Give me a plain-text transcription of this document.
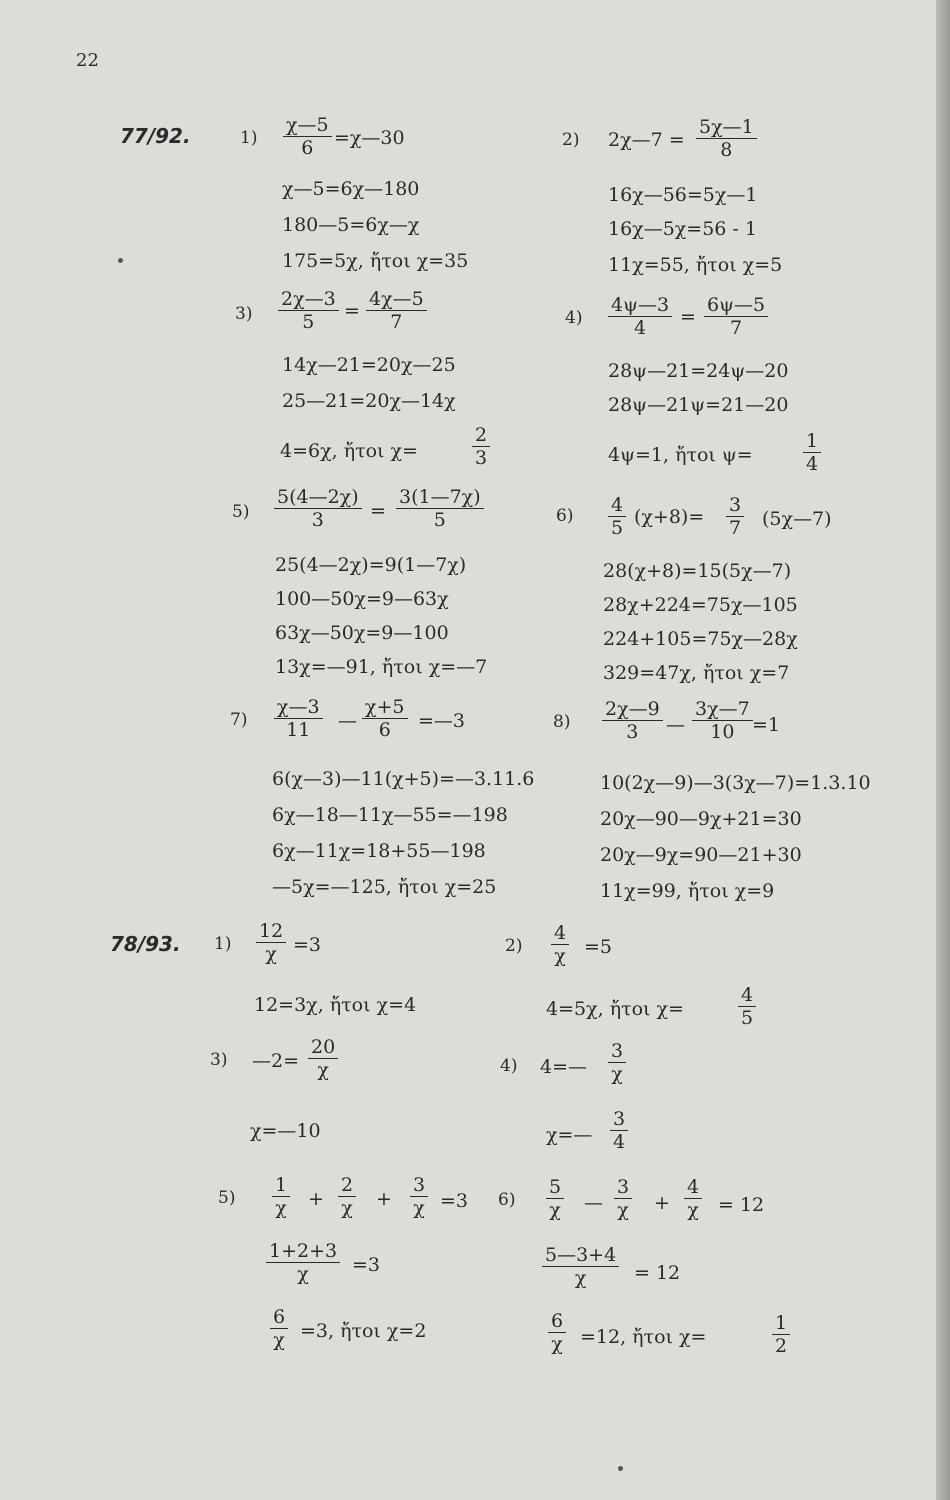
22
77/92.	$1) \frac{\chi—5}{6}$ =χ—30
χ—5=6χ—180
180—5=6χ—χ
175=5χ, ἤτοι χ=35
2) 2χ—7 = $\frac{5\chi—1}{8}$
16χ—56=5χ—1
16χ—5χ=56 - 1
11χ=55, ἤτοι χ=5
$3) \frac{2\chi—3}{5} = \frac{4\chi—5}{7}$
14χ—21=20χ—25
25—21=20χ—14χ
4=6χ, ἤτοι χ=	$\frac{2}{3}$
$4) \frac{4\psi—3}{4} = \frac{6\psi—5}{7}$
28ψ—21=24ψ—20
28ψ—21ψ=21—20
4ψ=1, ἤτοι ψ=	$\frac{1}{4}$
$5) \frac{5(4—2\chi)}{3} = \frac{3(1—7\chi)}{5}$
25(4—2χ)=9(1—7χ)
100—50χ=9—63χ
63χ—50χ=9—100
13χ=—91, ἤτοι χ=—7
$6) \frac{4}{5} (\chi+8)= \frac{3}{7}$ (5χ—7)
28(χ+8)=15(5χ—7)
28χ+224=75χ—105
224+105=75χ—28χ
329=47χ, ἤτοι χ=7
$7) \frac{\chi—3}{11}$ — $\frac{\chi+5}{6}$ =—3
6(χ—3)—11(χ+5)=—3.11.6
6χ—18—11χ—55=—198
6χ—11χ=18+55—198
—5χ=—125, ἤτοι χ=25
$8) \frac{2\chi—9}{3}$ — $\frac{3\chi—7}{10} =1$
10(2χ—9)—3(3χ—7)=1.3.10
20χ—90—9χ+21=30
20χ—9χ=90—21+30
11χ=99, ἤτοι χ=9
78/93. $1) \frac{12}{\chi} =3$
12=3χ, ἤτοι χ=4
$2) \frac{4}{\chi} =5$
4=5χ, ἤτοι χ=	$\frac{4}{5}$
3) —2= $\frac{20}{\chi}$
χ=—10
4) 4=— $\frac{3}{\chi}$
χ=— $\frac{3}{4}$
$5) \frac{1}{\chi} + \frac{2}{\chi} + \frac{3}{\chi} =3$
$\frac{1+2+3}{\chi} =3$
$\frac{6}{\chi} =3$, ἤτοι χ=2
$6) \frac{5}{\chi}$ — $\frac{3}{\chi} + \frac{4}{\chi} = 12$
$\frac{5—3+4}{\chi} = 12$
$\frac{6}{\chi} =12$, ἤτοι χ=	$\frac{1}{2}$
